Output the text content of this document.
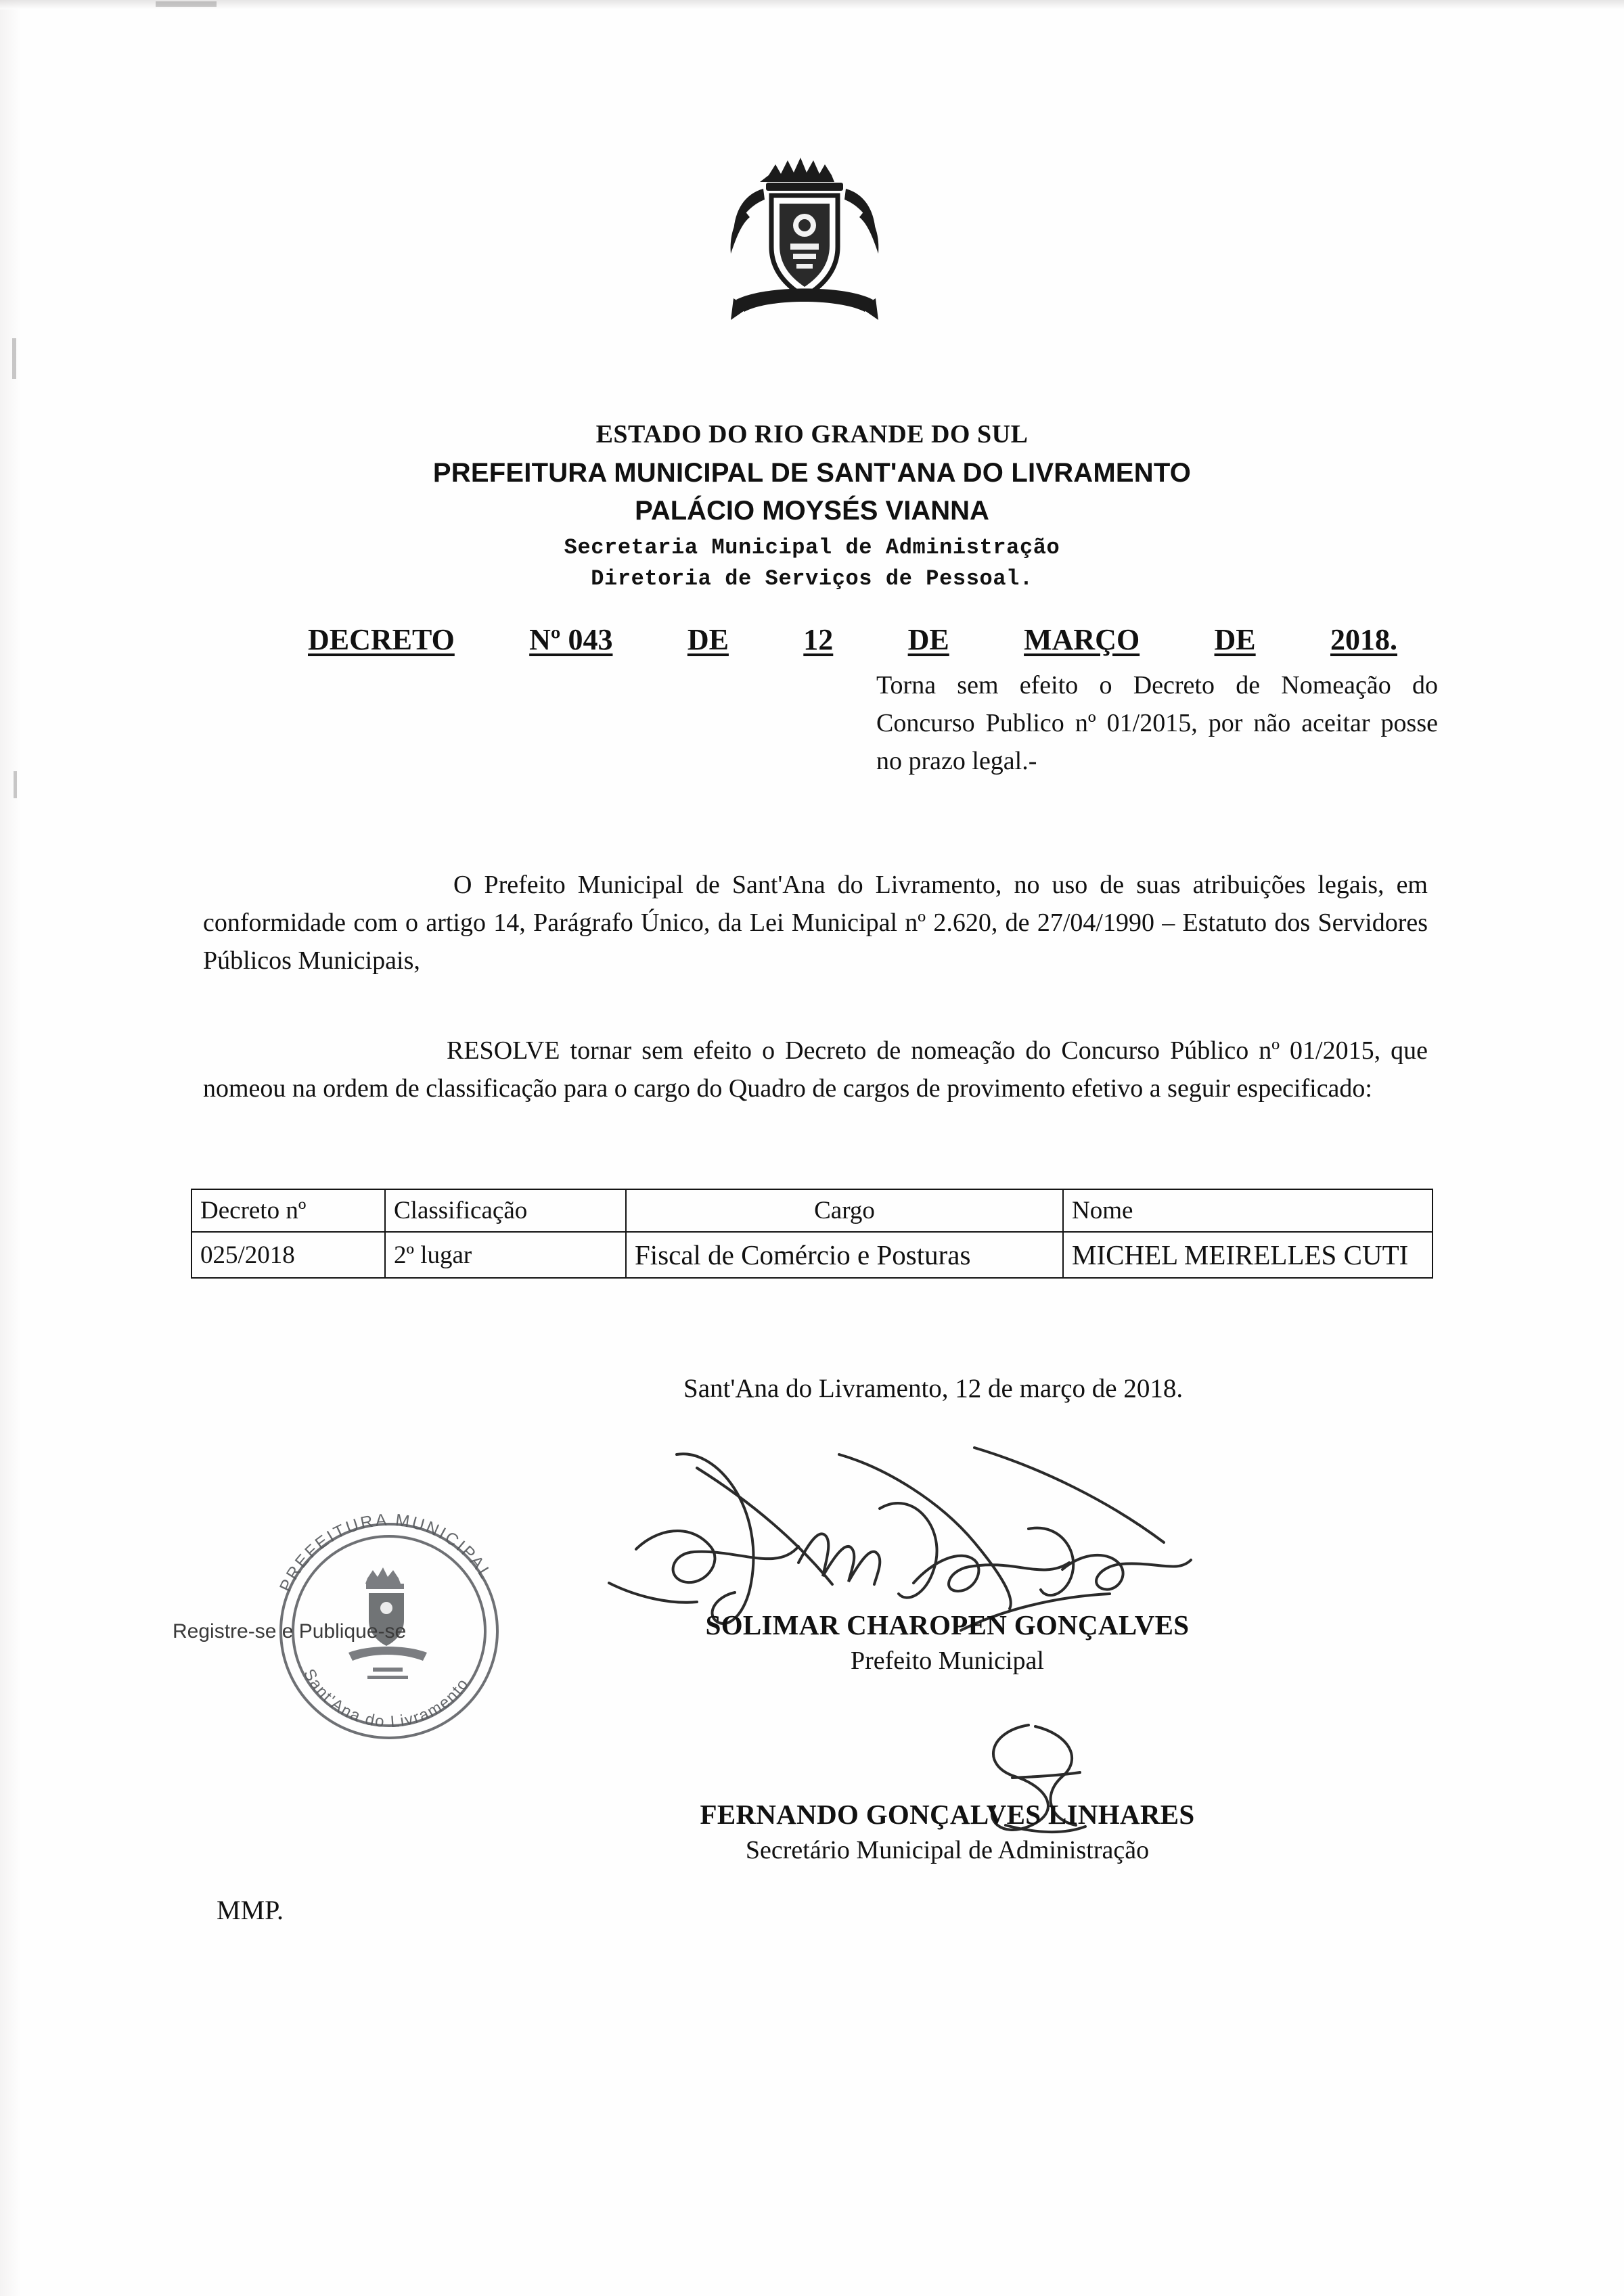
ESTADO DO RIO GRANDE DO SUL
PREFEITURA MUNICIPAL DE SANT'ANA DO LIVRAMENTO
PALÁCIO MOYSÉS VIANNA
Secretaria Municipal de Administração
Diretoria de Serviços de Pessoal.
DECRETO	Nº 043	DE	12	DE	MARÇO	DE	2018.
Torna sem efeito o Decreto de Nomeação do Concurso Publico nº 01/2015, por não aceitar posse no prazo legal.-
O Prefeito Municipal de Sant'Ana do Livramento, no uso de suas atribuições legais, em conformidade com o artigo 14, Parágrafo Único, da Lei Municipal nº 2.620, de 27/04/1990 – Estatuto dos Servidores Públicos Municipais,
RESOLVE tornar sem efeito o Decreto de nomeação do Concurso Público nº 01/2015, que nomeou na ordem de classificação para o cargo do Quadro de cargos de provimento efetivo a seguir especificado:
Decreto nº	Classificação	Cargo	Nome
025/2018	2º lugar	Fiscal de Comércio e Posturas	MICHEL MEIRELLES CUTI
Sant'Ana do Livramento, 12 de março de 2018.
SOLIMAR CHAROPEN GONÇALVES
Prefeito Municipal
FERNANDO GONÇALVES LINHARES
Secretário Municipal de Administração
PREFEITURA MUNICIPAL
Sant'Ana do Livramento
Registre-se e Publique-se
MMP.
